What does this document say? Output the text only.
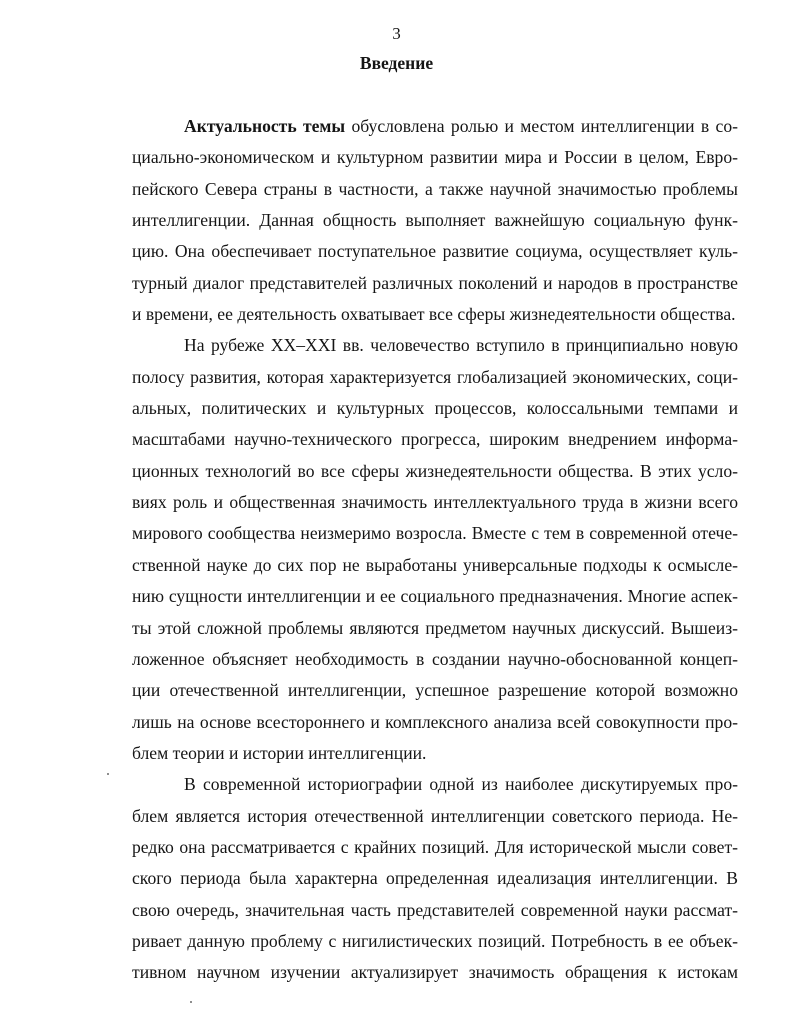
3
Введение
Актуальность темы обусловлена ролью и местом интеллигенции в со-
циально-экономическом и культурном развитии мира и России в целом, Евро-
пейского Севера страны в частности, а также научной значимостью проблемы
интеллигенции. Данная общность выполняет важнейшую социальную функ-
цию. Она обеспечивает поступательное развитие социума, осуществляет куль-
турный диалог представителей различных поколений и народов в пространстве
и времени, ее деятельность охватывает все сферы жизнедеятельности общества.
На рубеже XX–XXI вв. человечество вступило в принципиально новую
полосу развития, которая характеризуется глобализацией экономических, соци-
альных, политических и культурных процессов, колоссальными темпами и
масштабами научно-технического прогресса, широким внедрением информа-
ционных технологий во все сферы жизнедеятельности общества. В этих усло-
виях роль и общественная значимость интеллектуального труда в жизни всего
мирового сообщества неизмеримо возросла. Вместе с тем в современной отече-
ственной науке до сих пор не выработаны универсальные подходы к осмысле-
нию сущности интеллигенции и ее социального предназначения. Многие аспек-
ты этой сложной проблемы являются предметом научных дискуссий. Вышеиз-
ложенное объясняет необходимость в создании научно-обоснованной концеп-
ции отечественной интеллигенции, успешное разрешение которой возможно
лишь на основе всестороннего и комплексного анализа всей совокупности про-
блем теории и истории интеллигенции.
В современной историографии одной из наиболее дискутируемых про-
блем является история отечественной интеллигенции советского периода. Не-
редко она рассматривается с крайних позиций. Для исторической мысли совет-
ского периода была характерна определенная идеализация интеллигенции. В
свою очередь, значительная часть представителей современной науки рассмат-
ривает данную проблему с нигилистических позиций. Потребность в ее объек-
тивном научном изучении актуализирует значимость обращения к истокам
